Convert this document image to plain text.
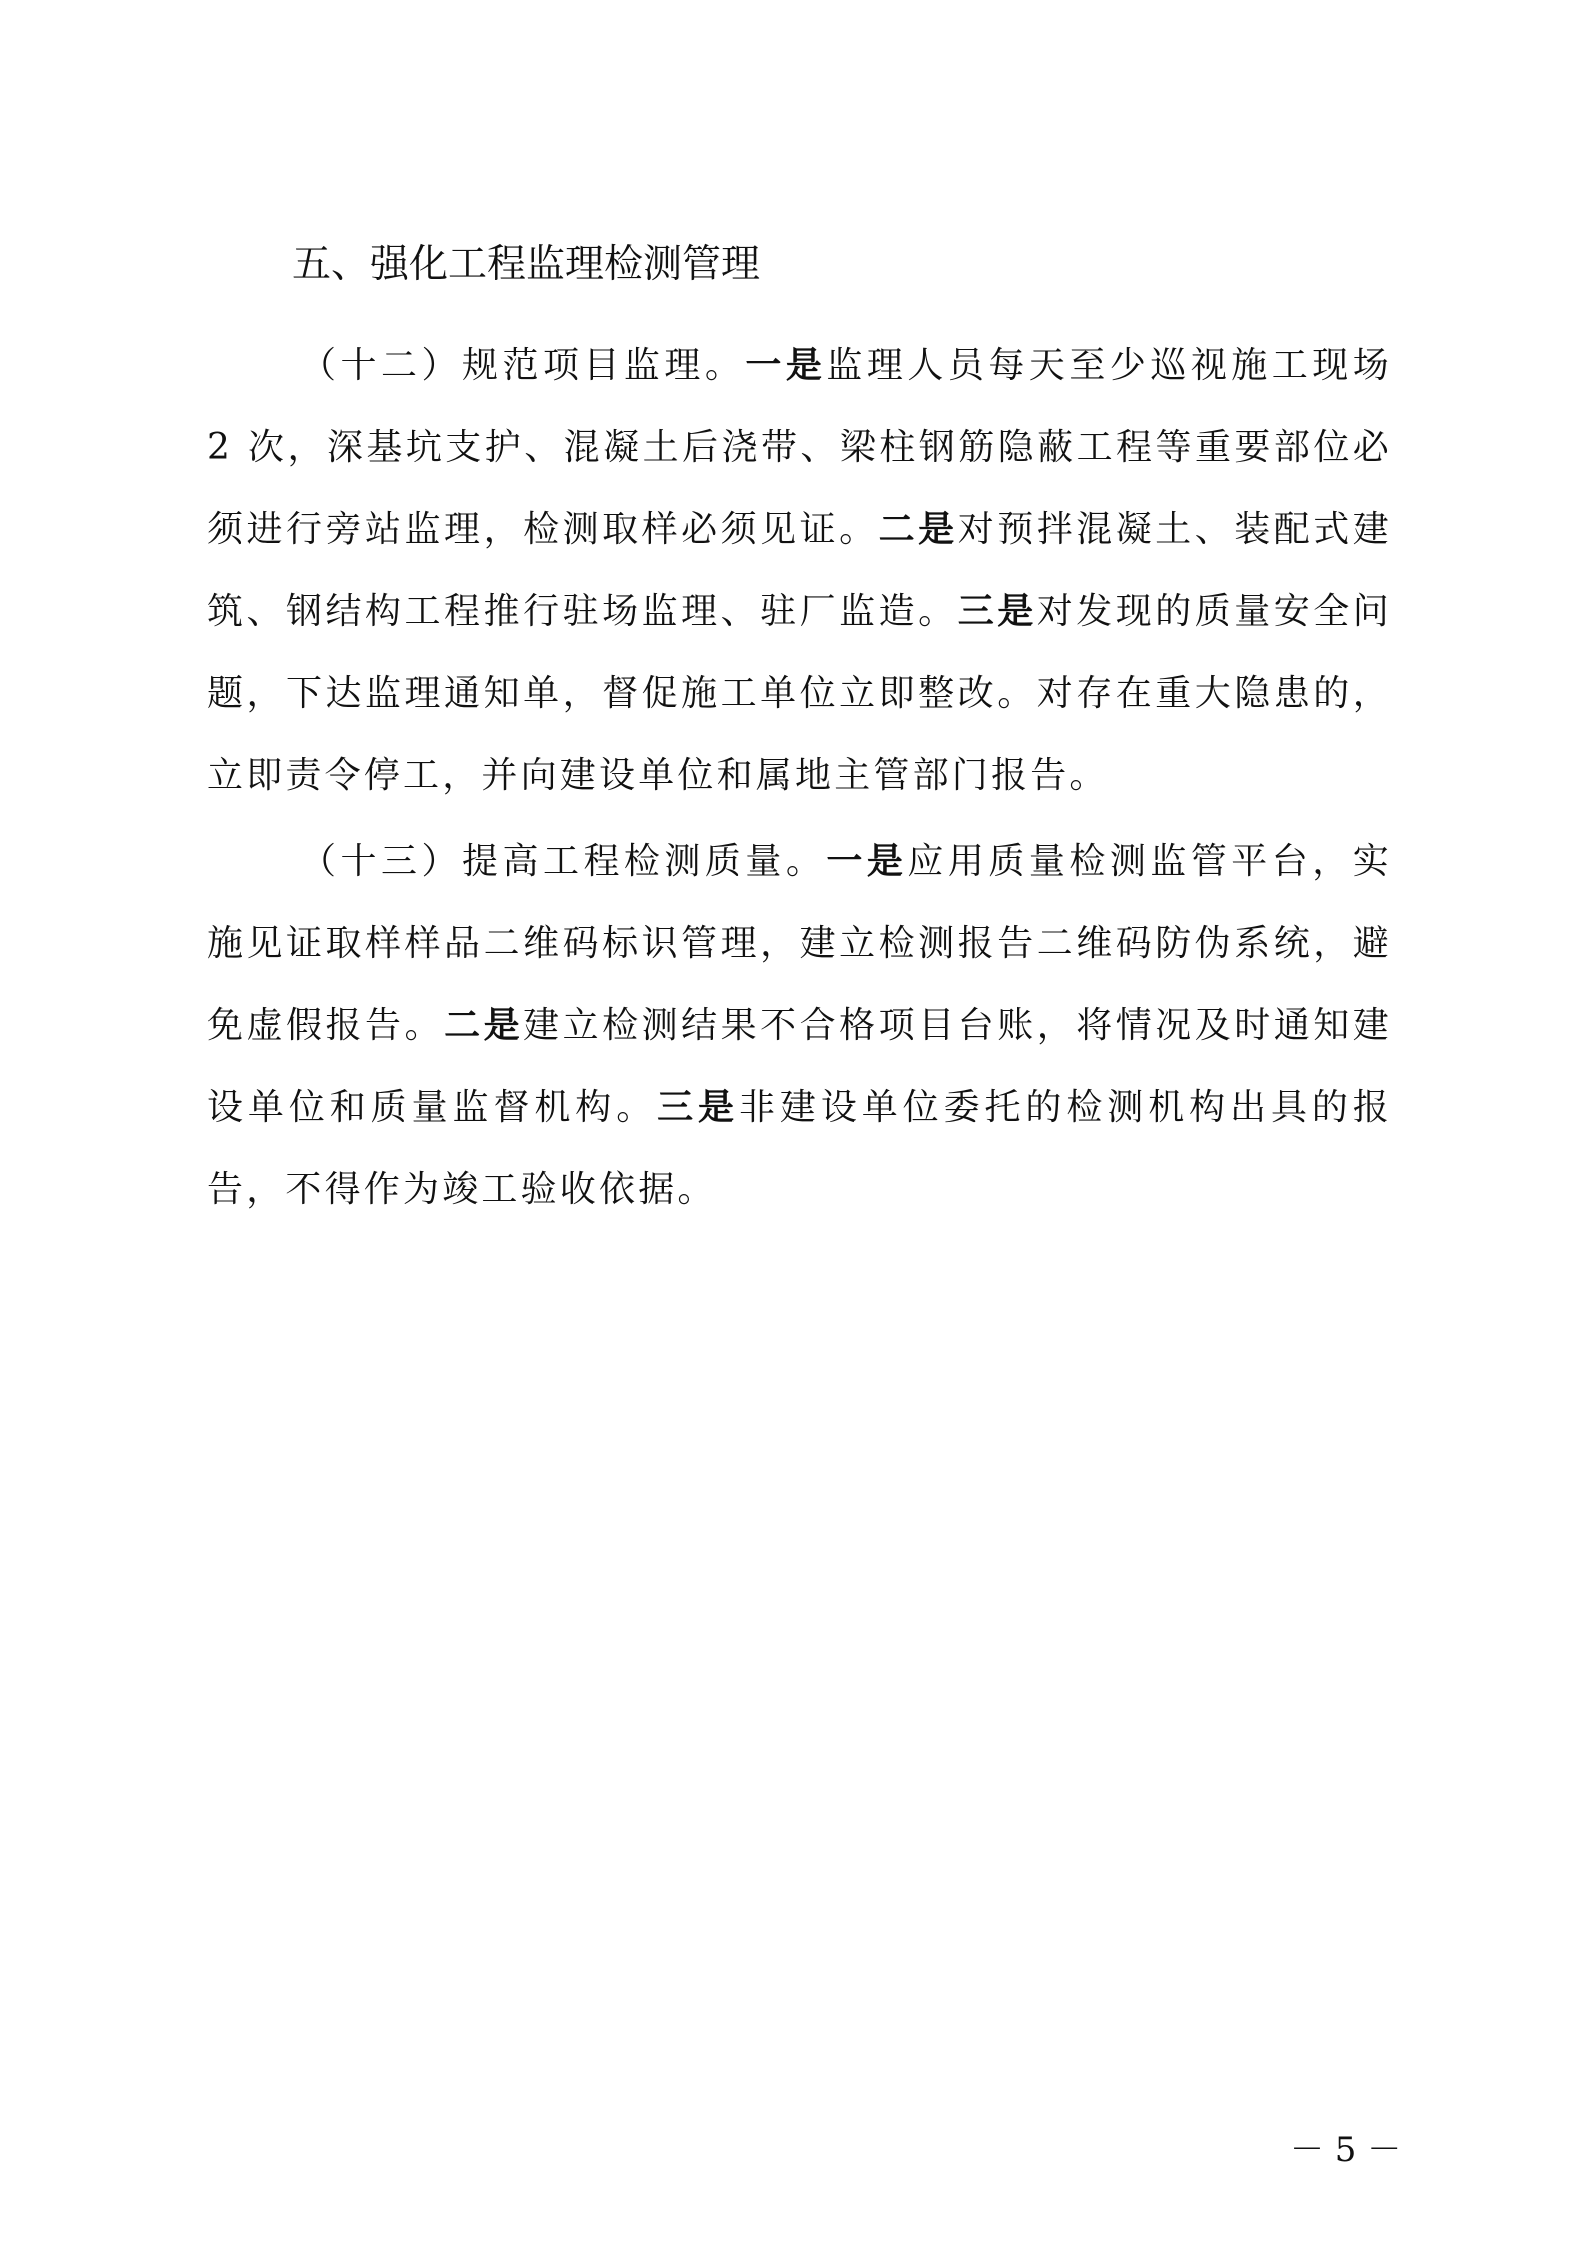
五、强化工程监理检测管理

（十二）规范项目监理。一是监理人员每天至少巡视施工现场 2 次，深基坑支护、混凝土后浇带、梁柱钢筋隐蔽工程等重要部位必须进行旁站监理，检测取样必须见证。二是对预拌混凝土、装配式建筑、钢结构工程推行驻场监理、驻厂监造。三是对发现的质量安全问题，下达监理通知单，督促施工单位立即整改。对存在重大隐患的，立即责令停工，并向建设单位和属地主管部门报告。

（十三）提高工程检测质量。一是应用质量检测监管平台，实施见证取样样品二维码标识管理，建立检测报告二维码防伪系统，避免虚假报告。二是建立检测结果不合格项目台账，将情况及时通知建设单位和质量监督机构。三是非建设单位委托的检测机构出具的报告，不得作为竣工验收依据。

－ 5 －
